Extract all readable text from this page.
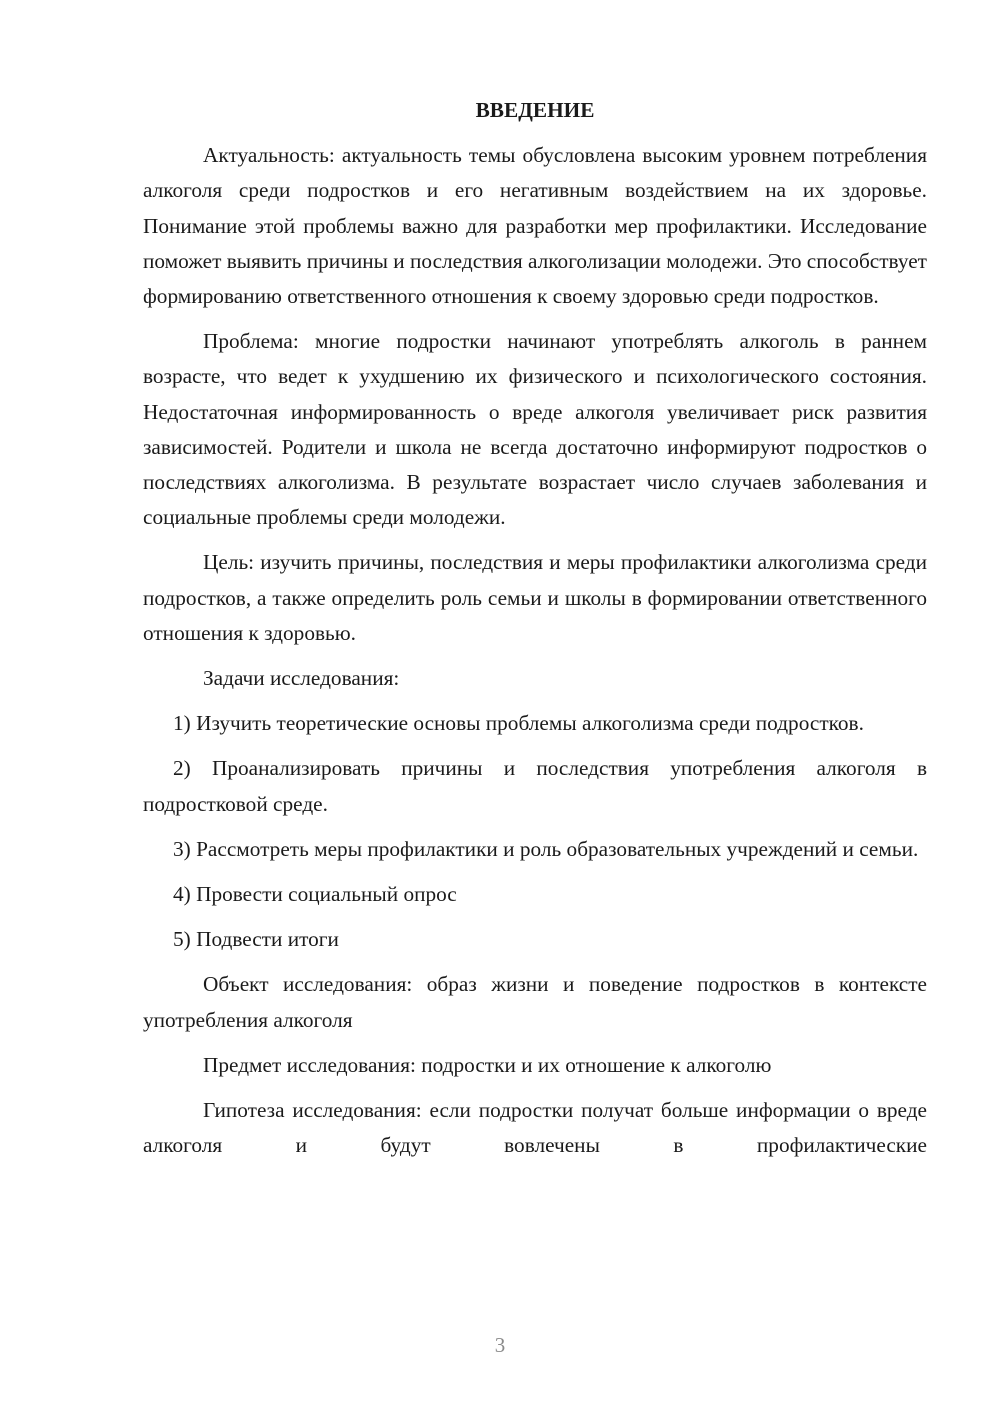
ВВЕДЕНИЕ

Актуальность: актуальность темы обусловлена высоким уровнем потребления алкоголя среди подростков и его негативным воздействием на их здоровье. Понимание этой проблемы важно для разработки мер профилактики. Исследование поможет выявить причины и последствия алкоголизации молодежи. Это способствует формированию ответственного отношения к своему здоровью среди подростков.

Проблема: многие подростки начинают употреблять алкоголь в раннем возрасте, что ведет к ухудшению их физического и психологического состояния. Недостаточная информированность о вреде алкоголя увеличивает риск развития зависимостей. Родители и школа не всегда достаточно информируют подростков о последствиях алкоголизма. В результате возрастает число случаев заболевания и социальные проблемы среди молодежи.

Цель: изучить причины, последствия и меры профилактики алкоголизма среди подростков, а также определить роль семьи и школы в формировании ответственного отношения к здоровью.

Задачи исследования:

1) Изучить теоретические основы проблемы алкоголизма среди подростков.

2) Проанализировать причины и последствия употребления алкоголя в подростковой среде.

3) Рассмотреть меры профилактики и роль образовательных учреждений и семьи.

4) Провести социальный опрос

5) Подвести итоги

Объект исследования: образ жизни и поведение подростков в контексте употребления алкоголя

Предмет исследования: подростки и их отношение к алкоголю

Гипотеза исследования: если подростки получат больше информации о вреде алкоголя и будут вовлечены в профилактические

3
